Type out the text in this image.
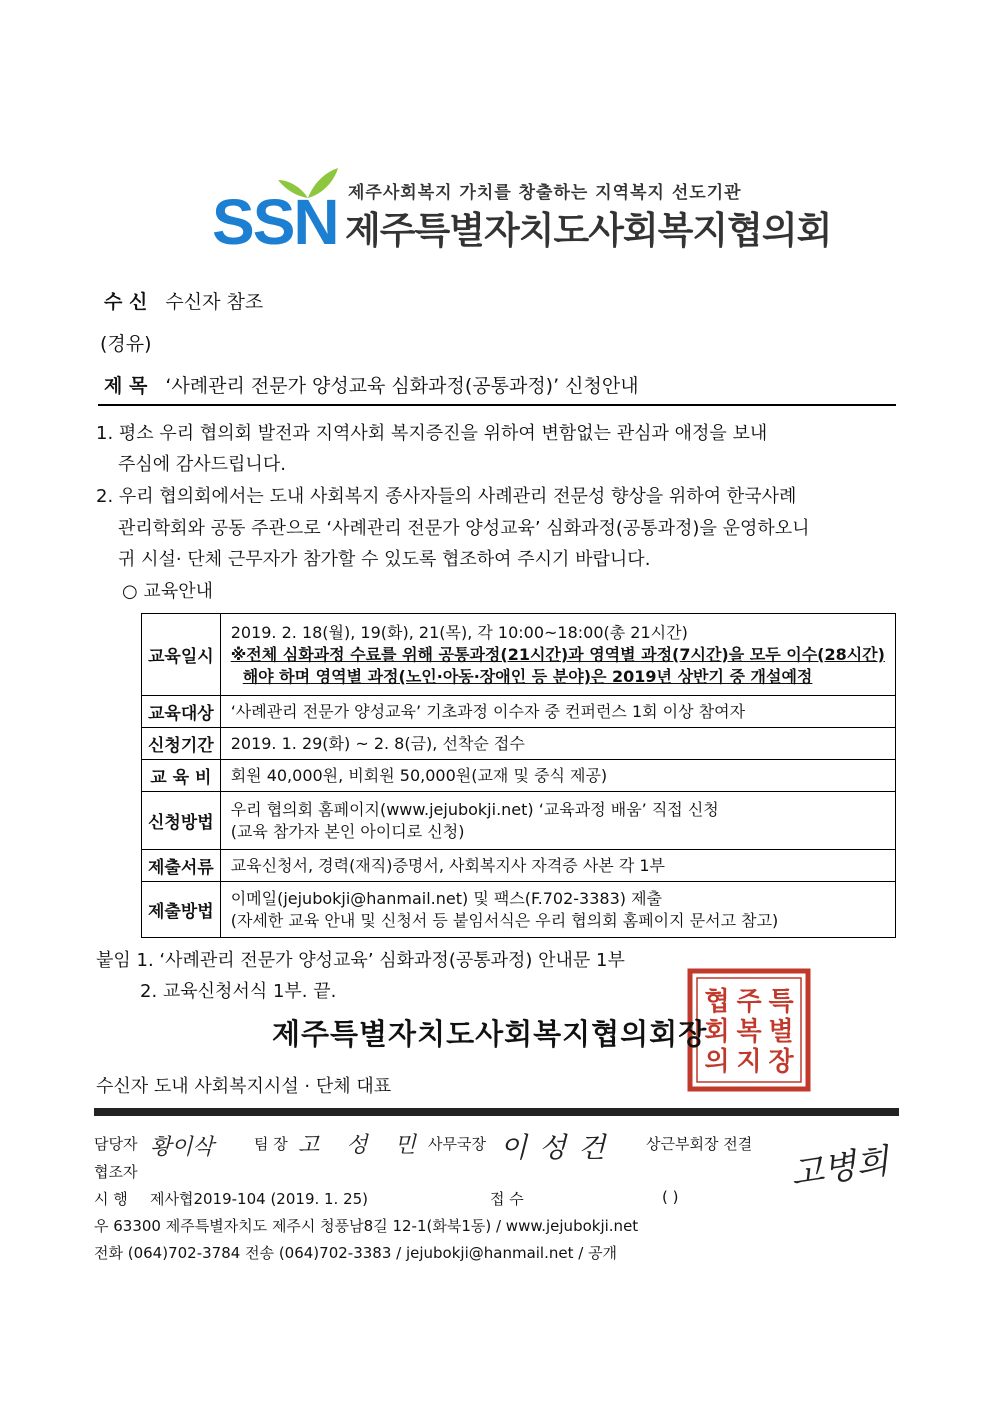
SSN 제주사회복지 가치를 창출하는 지역복지 선도기관
제주특별자치도사회복지협의회
수 신 수신자 참조
(경유)
제 목 ‘사례관리 전문가 양성교육 심화과정(공통과정)’ 신청안내
1. 평소 우리 협의회 발전과 지역사회 복지증진을 위하여 변함없는 관심과 애정을 보내
주심에 감사드립니다.
2. 우리 협의회에서는 도내 사회복지 종사자들의 사례관리 전문성 향상을 위하여 한국사례
관리학회와 공동 주관으로 ‘사례관리 전문가 양성교육’ 심화과정(공통과정)을 운영하오니
귀 시설· 단체 근무자가 참가할 수 있도록 협조하여 주시기 바랍니다.
○ 교육안내
교육일시	2019. 2. 18(월), 19(화), 21(목), 각 10:00~18:00(총 21시간)
※전체 심화과정 수료를 위해 공통과정(21시간)과 영역별 과정(7시간)을 모두 이수(28시간)
해야 하며 영역별 과정(노인·아동·장애인 등 분야)은 2019년 상반기 중 개설예정

교육대상	‘사례관리 전문가 양성교육’ 기초과정 이수자 중 컨퍼런스 1회 이상 참여자
신청기간	2019. 1. 29(화) ~ 2. 8(금), 선착순 접수
교 육 비	회원 40,000원, 비회원 50,000원(교재 및 중식 제공)
신청방법	우리 협의회 홈페이지(www.jejubokji.net) ‘교육과정 배움’ 직접 신청
(교육 참가자 본인 아이디로 신청)

제출서류	교육신청서, 경력(재직)증명서, 사회복지사 자격증 사본 각 1부
제출방법	이메일(jejubokji@hanmail.net) 및 팩스(F.702-3383) 제출
(자세한 교육 안내 및 신청서 등 붙임서식은 우리 협의회 홈페이지 문서고 참고)
붙임 1. ‘사례관리 전문가 양성교육’ 심화과정(공통과정) 안내문 1부
2. 교육신청서식 1부. 끝.	협 주 특
회 복 별
의 지 장
제주특별자치도사회복지협의회장
수신자 도내 사회복지시설 · 단체 대표
담당자 황이삭	팀 장 고 성 민 사무국장 이성건 상근부회장 전결 고병희
협조자
시 행 제사협2019-104 (2019. 1. 25)	접 수	( )
우 63300 제주특별자치도 제주시 청풍남8길 12-1(화북1동) / www.jejubokji.net
전화 (064)702-3784 전송 (064)702-3383 / jejubokji@hanmail.net / 공개
